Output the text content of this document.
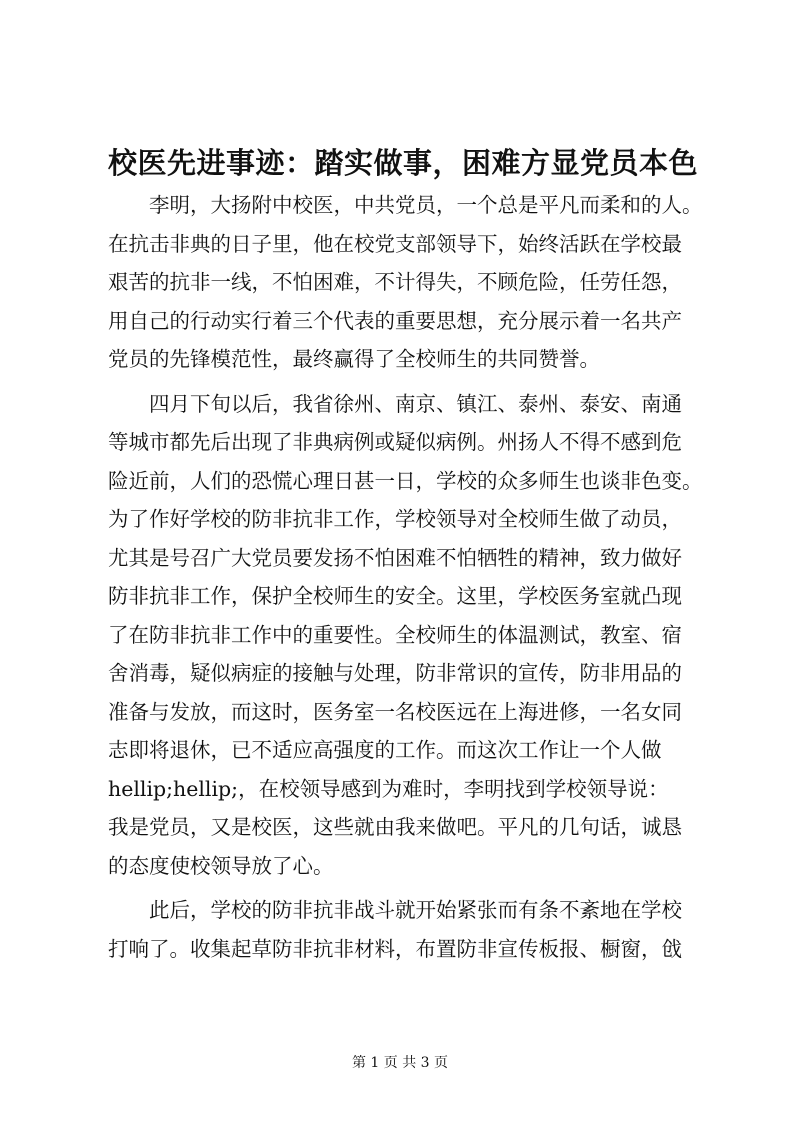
校医先进事迹：踏实做事，困难方显党员本色
李明，大扬附中校医，中共党员，一个总是平凡而柔和的人。
在抗击非典的日子里，他在校党支部领导下，始终活跃在学校最
艰苦的抗非一线，不怕困难，不计得失，不顾危险，任劳任怨，
用自己的行动实行着三个代表的重要思想，充分展示着一名共产
党员的先锋模范性，最终赢得了全校师生的共同赞誉。
四月下旬以后，我省徐州、南京、镇江、泰州、泰安、南通
等城市都先后出现了非典病例或疑似病例。州扬人不得不感到危
险近前，人们的恐慌心理日甚一日，学校的众多师生也谈非色变。
为了作好学校的防非抗非工作，学校领导对全校师生做了动员，
尤其是号召广大党员要发扬不怕困难不怕牺牲的精神，致力做好
防非抗非工作，保护全校师生的安全。这里，学校医务室就凸现
了在防非抗非工作中的重要性。全校师生的体温测试，教室、宿
舍消毒，疑似病症的接触与处理，防非常识的宣传，防非用品的
准备与发放，而这时，医务室一名校医远在上海进修，一名女同
志即将退休，已不适应高强度的工作。而这次工作让一个人做
hellip;hellip;，在校领导感到为难时，李明找到学校领导说：
我是党员，又是校医，这些就由我来做吧。平凡的几句话，诚恳
的态度使校领导放了心。
此后，学校的防非抗非战斗就开始紧张而有条不紊地在学校
打响了。收集起草防非抗非材料，布置防非宣传板报、橱窗，戗
第 1 页 共 3 页
